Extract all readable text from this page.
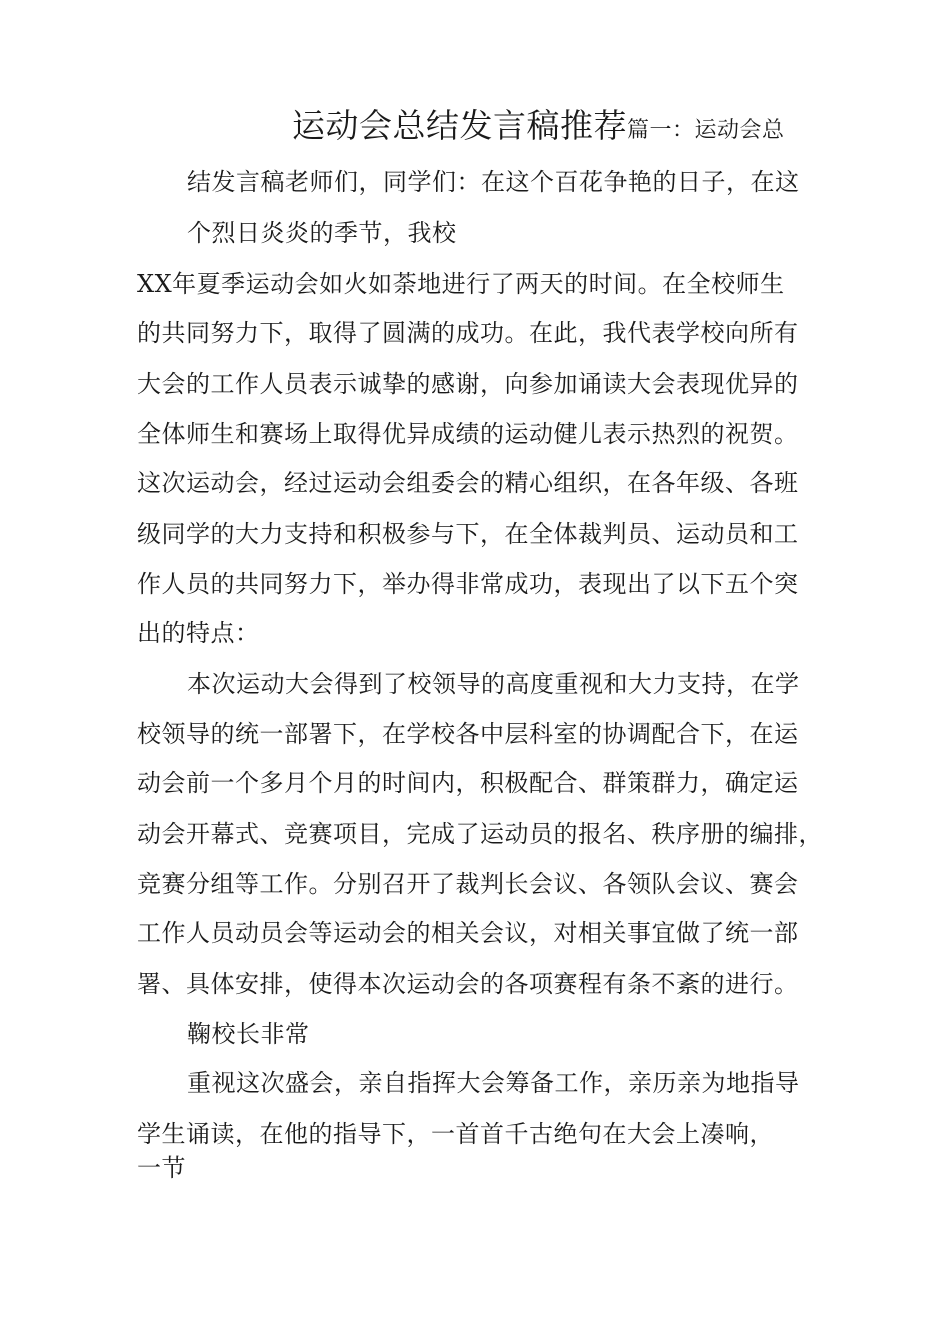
运动会总结发言稿推荐篇一：运动会总
结发言稿老师们，同学们：在这个百花争艳的日子，在这
个烈日炎炎的季节，我校
XX年夏季运动会如火如荼地进行了两天的时间。在全校师生
的共同努力下，取得了圆满的成功。在此，我代表学校向所有
大会的工作人员表示诚挚的感谢，向参加诵读大会表现优异的
全体师生和赛场上取得优异成绩的运动健儿表示热烈的祝贺。
这次运动会，经过运动会组委会的精心组织，在各年级、各班
级同学的大力支持和积极参与下，在全体裁判员、运动员和工
作人员的共同努力下，举办得非常成功，表现出了以下五个突
出的特点：
本次运动大会得到了校领导的高度重视和大力支持，在学
校领导的统一部署下，在学校各中层科室的协调配合下，在运
动会前一个多月个月的时间内，积极配合、群策群力，确定运
动会开幕式、竞赛项目，完成了运动员的报名、秩序册的编排，
竞赛分组等工作。分别召开了裁判长会议、各领队会议、赛会
工作人员动员会等运动会的相关会议，对相关事宜做了统一部
署、具体安排，使得本次运动会的各项赛程有条不紊的进行。
鞠校长非常
重视这次盛会，亲自指挥大会筹备工作，亲历亲为地指导
学生诵读，在他的指导下，一首首千古绝句在大会上凑响，
一节
